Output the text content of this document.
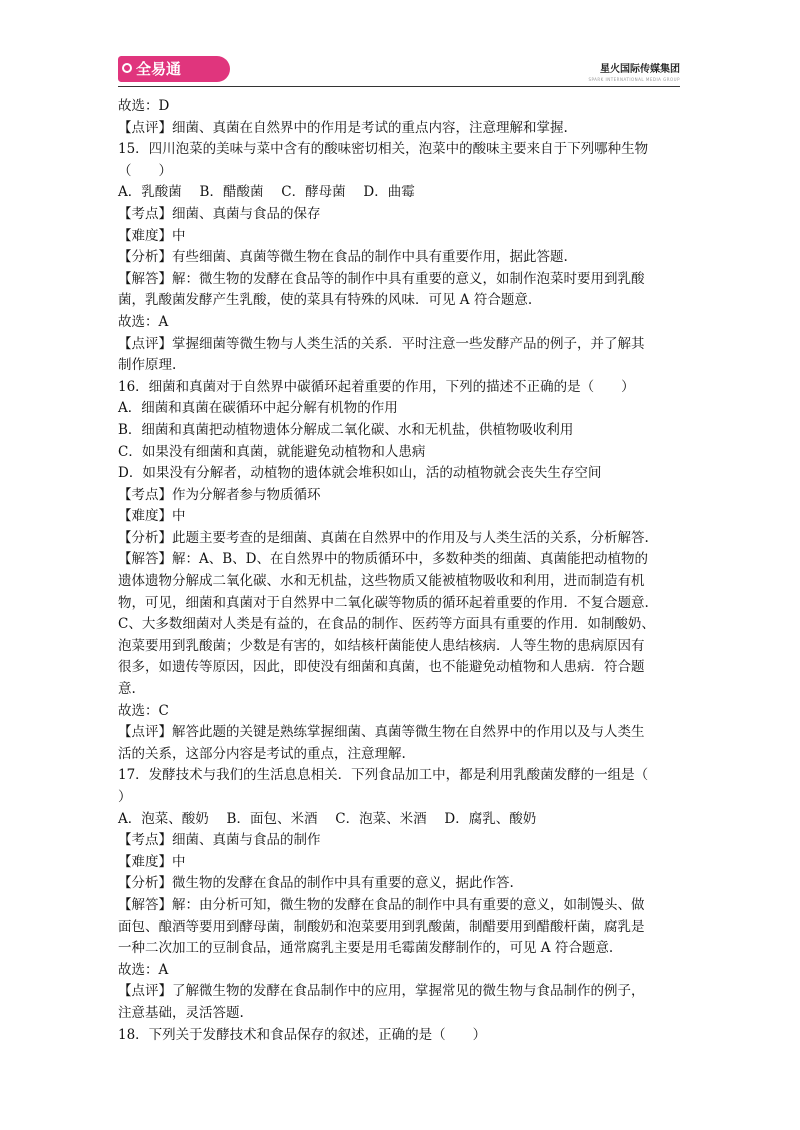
全易通	星火国际传媒集团
SPARK INTERNATIONAL MEDIA GROUP
故选：D
【点评】细菌、真菌在自然界中的作用是考试的重点内容，注意理解和掌握.
15．四川泡菜的美味与菜中含有的酸味密切相关，泡菜中的酸味主要来自于下列哪种生物
（　　）
A．乳酸菌　 B．醋酸菌　 C．酵母菌　 D．曲霉
【考点】细菌、真菌与食品的保存
【难度】中
【分析】有些细菌、真菌等微生物在食品的制作中具有重要作用，据此答题.
【解答】解：微生物的发酵在食品等的制作中具有重要的意义，如制作泡菜时要用到乳酸
菌，乳酸菌发酵产生乳酸，使的菜具有特殊的风味．可见 A 符合题意.
故选：A
【点评】掌握细菌等微生物与人类生活的关系．平时注意一些发酵产品的例子，并了解其
制作原理.
16．细菌和真菌对于自然界中碳循环起着重要的作用，下列的描述不正确的是（　　）
A．细菌和真菌在碳循环中起分解有机物的作用
B．细菌和真菌把动植物遗体分解成二氧化碳、水和无机盐，供植物吸收利用
C．如果没有细菌和真菌，就能避免动植物和人患病
D．如果没有分解者，动植物的遗体就会堆积如山，活的动植物就会丧失生存空间
【考点】作为分解者参与物质循环
【难度】中
【分析】此题主要考查的是细菌、真菌在自然界中的作用及与人类生活的关系，分析解答.
【解答】解：A、B、D、在自然界中的物质循环中，多数种类的细菌、真菌能把动植物的
遗体遗物分解成二氧化碳、水和无机盐，这些物质又能被植物吸收和利用，进而制造有机
物，可见，细菌和真菌对于自然界中二氧化碳等物质的循环起着重要的作用．不复合题意.
C、大多数细菌对人类是有益的，在食品的制作、医药等方面具有重要的作用．如制酸奶、
泡菜要用到乳酸菌；少数是有害的，如结核杆菌能使人患结核病．人等生物的患病原因有
很多，如遗传等原因，因此，即使没有细菌和真菌，也不能避免动植物和人患病．符合题
意.
故选：C
【点评】解答此题的关键是熟练掌握细菌、真菌等微生物在自然界中的作用以及与人类生
活的关系，这部分内容是考试的重点，注意理解.
17．发酵技术与我们的生活息息相关．下列食品加工中，都是利用乳酸菌发酵的一组是（
）
A．泡菜、酸奶　 B．面包、米酒　 C．泡菜、米酒　 D．腐乳、酸奶
【考点】细菌、真菌与食品的制作
【难度】中
【分析】微生物的发酵在食品的制作中具有重要的意义，据此作答.
【解答】解：由分析可知，微生物的发酵在食品的制作中具有重要的意义，如制馒头、做
面包、酿酒等要用到酵母菌，制酸奶和泡菜要用到乳酸菌，制醋要用到醋酸杆菌，腐乳是
一种二次加工的豆制食品，通常腐乳主要是用毛霉菌发酵制作的，可见 A 符合题意.
故选：A
【点评】了解微生物的发酵在食品制作中的应用，掌握常见的微生物与食品制作的例子，
注意基础，灵活答题.
18．下列关于发酵技术和食品保存的叙述，正确的是（　　）
